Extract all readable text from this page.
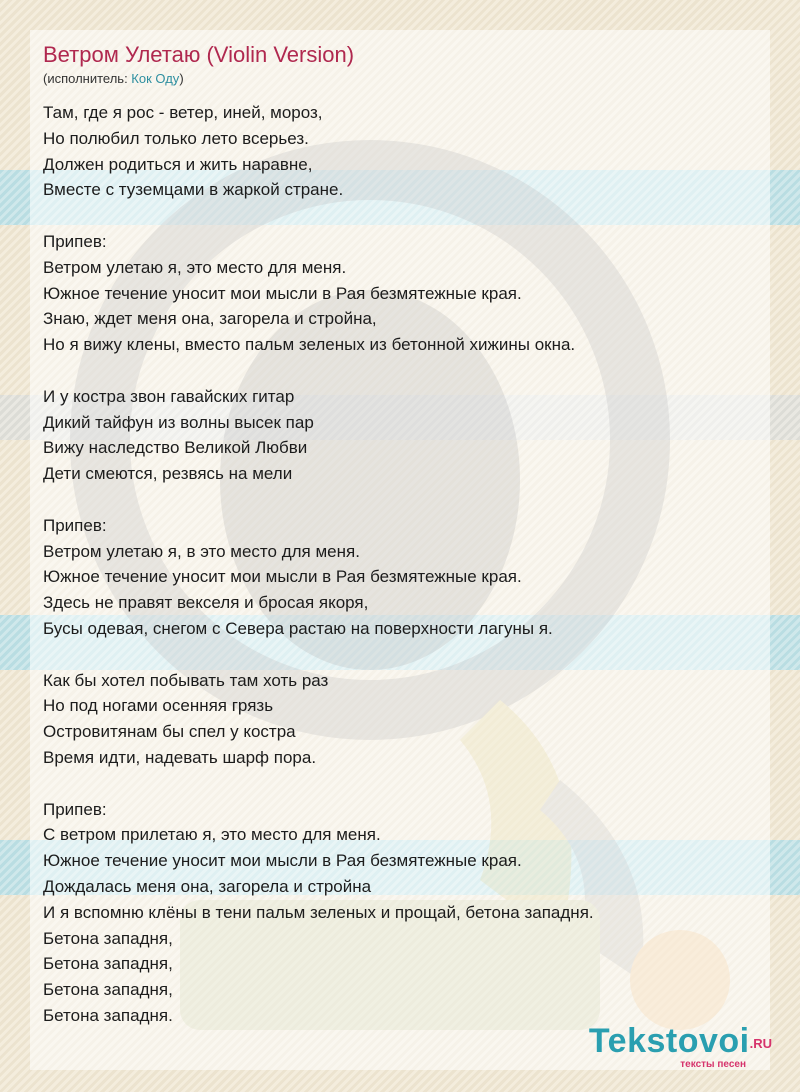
Ветром Улетаю (Violin Version)
(исполнитель: Кок Оду)
Там, где я рос - ветер, иней, мороз,
Но полюбил только лето всерьез.
Должен родиться и жить наравне,
Вместе с туземцами в жаркой стране.
Припев:
Ветром улетаю я, это место для меня.
Южное течение уносит мои мысли в Рая безмятежные края.
Знаю, ждет меня она, загорела и стройна,
Но я вижу клены, вместо пальм зеленых из бетонной хижины окна.
И у костра звон гавайских гитар
Дикий тайфун из волны высек пар
Вижу наследство Великой Любви
Дети смеются, резвясь на мели
Припев:
Ветром улетаю я, в это место для меня.
Южное течение уносит мои мысли в Рая безмятежные края.
Здесь не правят векселя и бросая якоря,
Бусы одевая, снегом с Севера растаю на поверхности лагуны я.
Как бы хотел побывать там хоть раз
Но под ногами осенняя грязь
Островитянам бы спел у костра
Время идти, надевать шарф пора.
Припев:
С ветром прилетаю я, это место для меня.
Южное течение уносит мои мысли в Рая безмятежные края.
Дождалась меня она, загорела и стройна
И я вспомню клёны в тени пальм зеленых и прощай, бетона западня.
Бетона западня,
Бетона западня,
Бетона западня,
Бетона западня.
Tekstovoi.RU
тексты песен
